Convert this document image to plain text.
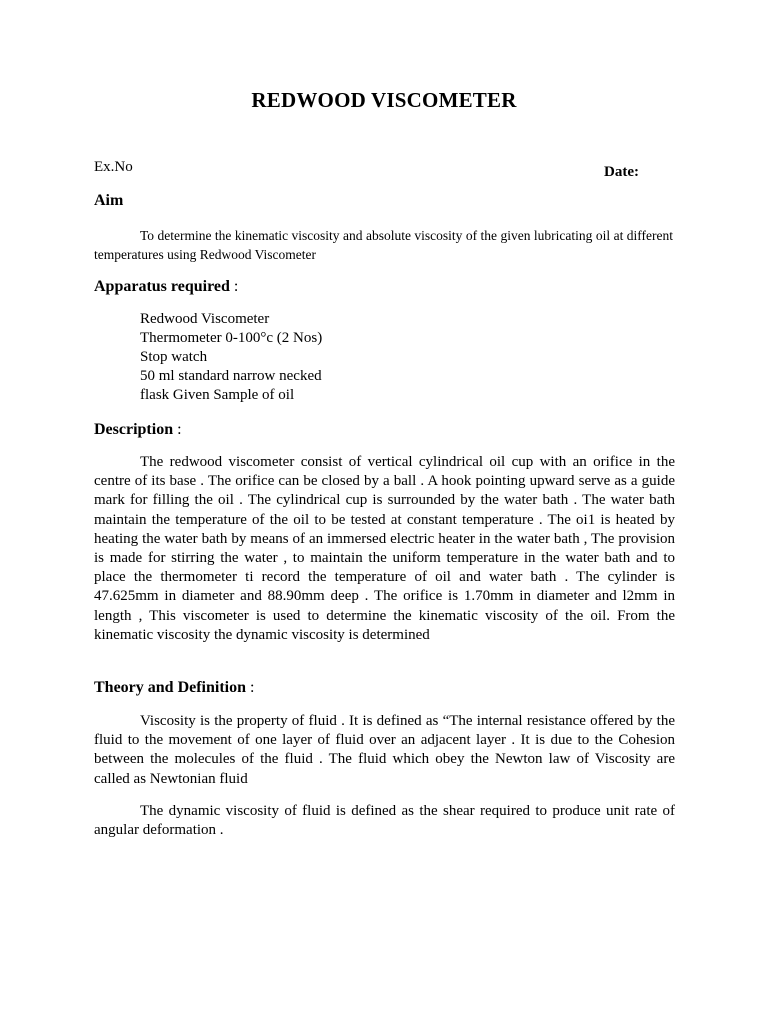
REDWOOD VISCOMETER
Ex.No	Date:
Aim

To determine the kinematic viscosity and absolute viscosity of the given lubricating oil at different temperatures using Redwood Viscometer

Apparatus required :
Redwood Viscometer
Thermometer 0-100°c (2 Nos)
Stop watch
50 ml standard narrow necked
flask Given Sample of oil
Description :

The redwood viscometer consist of vertical cylindrical oil cup with an orifice in the centre of its base . The orifice can be closed by a ball . A hook pointing upward serve as a guide mark for filling the oil . The cylindrical cup is surrounded by the water bath . The water bath maintain the temperature of the oil to be tested at constant temperature . The oi1 is heated by heating the water bath by means of an immersed electric heater in the water bath , The provision is made for stirring the water , to maintain the uniform temperature in the water bath and to place the thermometer ti record the temperature of oil and water bath . The cylinder is 47.625mm in diameter and 88.90mm deep . The orifice is 1.70mm in diameter and l2mm in length , This viscometer is used to determine the kinematic viscosity of the oil. From the kinematic viscosity the dynamic viscosity is determined

Theory and Definition :

Viscosity is the property of fluid . It is defined as “The internal resistance offered by the fluid to the movement of one layer of fluid over an adjacent layer . It is due to the Cohesion between the molecules of the fluid . The fluid which obey the Newton law of Viscosity are called as Newtonian fluid

The dynamic viscosity of fluid is defined as the shear required to produce unit rate of angular deformation .
